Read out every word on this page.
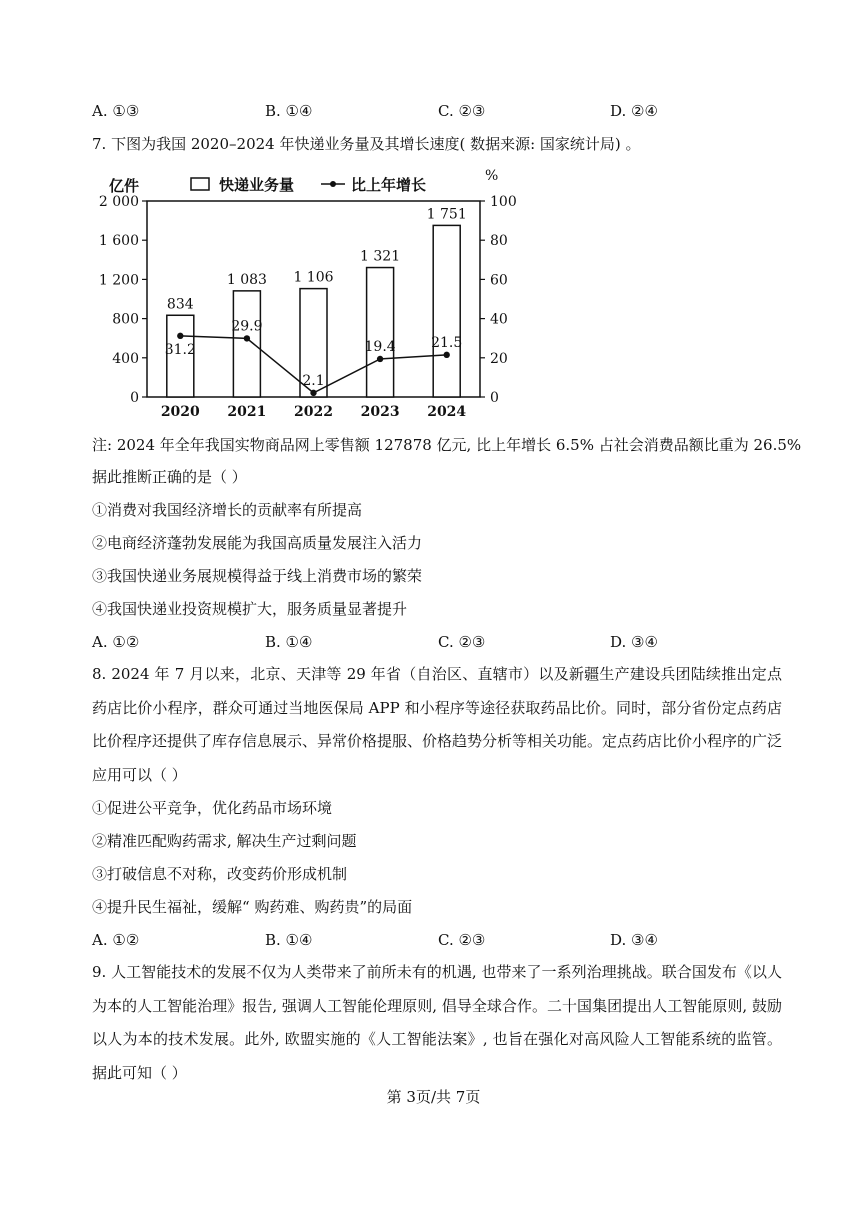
A. ①③	B. ①④	C. ②③	D. ②④
7. 下图为我国 2020–2024 年快递业务量及其增长速度( 数据来源: 国家统计局) 。
0
400
800
1 200
1 600
2 000
0
20
40
60
80
100
834
1 083 1 106
1 321
1 751
31.2
29.9
2.1
19.4	21.5
2020 2021 2022 2023 2024
亿件
%
快递业务量	比上年增长
注: 2024 年全年我国实物商品网上零售额 127878 亿元, 比上年增长 6.5% 占社会消费品额比重为 26.5%
据此推断正确的是（ ）
①消费对我国经济增长的贡献率有所提高
②电商经济蓬勃发展能为我国高质量发展注入活力
③我国快递业务展规模得益于线上消费市场的繁荣
④我国快递业投资规模扩大，服务质量显著提升
A. ①②	B. ①④	C. ②③	D. ③④
8. 2024 年 7 月以来，北京、天津等 29 年省（自治区、直辖市）以及新疆生产建设兵团陆续推出定点药店比价小程序，群众可通过当地医保局 APP 和小程序等途径获取药品比价。同时，部分省份定点药店比价程序还提供了库存信息展示、异常价格提服、价格趋势分析等相关功能。定点药店比价小程序的广泛应用可以（ ）
①促进公平竞争，优化药品市场环境
②精准匹配购药需求, 解决生产过剩问题
③打破信息不对称，改变药价形成机制
④提升民生福祉，缓解“ 购药难、购药贵”的局面
A. ①②	B. ①④	C. ②③	D. ③④
9. 人工智能技术的发展不仅为人类带来了前所未有的机遇, 也带来了一系列治理挑战。联合国发布《以人为本的人工智能治理》报告, 强调人工智能伦理原则, 倡导全球合作。二十国集团提出人工智能原则, 鼓励以人为本的技术发展。此外, 欧盟实施的《人工智能法案》, 也旨在强化对高风险人工智能系统的监管。据此可知（ ）
第 3页/共 7页
